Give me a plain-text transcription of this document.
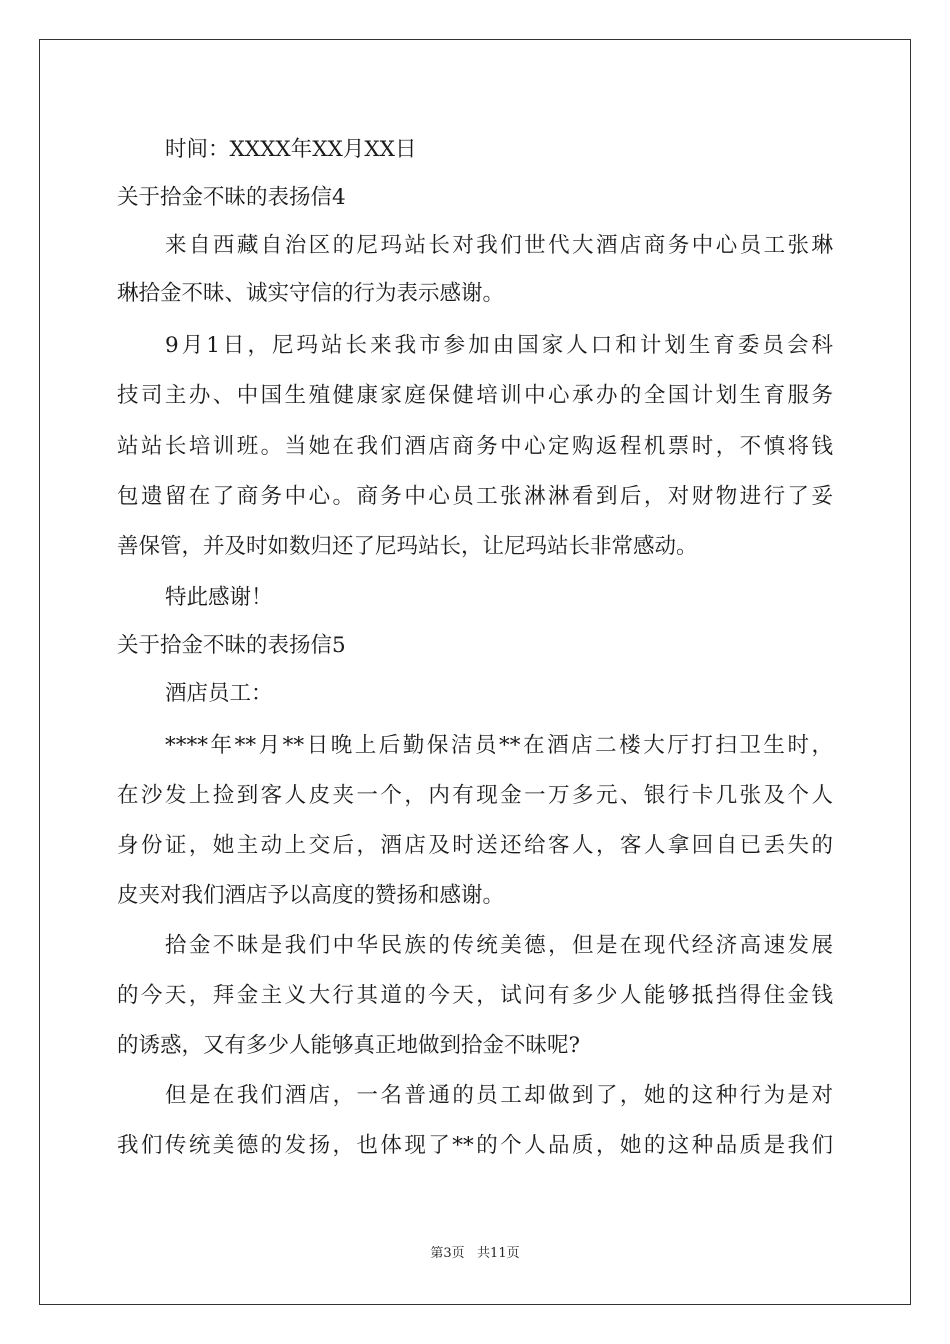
时间：XXXX年XX月XX日
关于拾金不昧的表扬信4
来自西藏自治区的尼玛站长对我们世代大酒店商务中心员工张琳
琳拾金不昧、诚实守信的行为表示感谢。
9月1日，尼玛站长来我市参加由国家人口和计划生育委员会科
技司主办、中国生殖健康家庭保健培训中心承办的全国计划生育服务
站站长培训班。当她在我们酒店商务中心定购返程机票时，不慎将钱
包遗留在了商务中心。商务中心员工张淋淋看到后，对财物进行了妥
善保管，并及时如数归还了尼玛站长，让尼玛站长非常感动。
特此感谢！
关于拾金不昧的表扬信5
酒店员工：
****年**月**日晚上后勤保洁员**在酒店二楼大厅打扫卫生时，
在沙发上捡到客人皮夹一个，内有现金一万多元、银行卡几张及个人
身份证，她主动上交后，酒店及时送还给客人，客人拿回自已丢失的
皮夹对我们酒店予以高度的赞扬和感谢。
拾金不昧是我们中华民族的传统美德，但是在现代经济高速发展
的今天，拜金主义大行其道的今天，试问有多少人能够抵挡得住金钱
的诱惑，又有多少人能够真正地做到拾金不昧呢?
但是在我们酒店，一名普通的员工却做到了，她的这种行为是对
我们传统美德的发扬，也体现了**的个人品质，她的这种品质是我们
第3页   共11页
